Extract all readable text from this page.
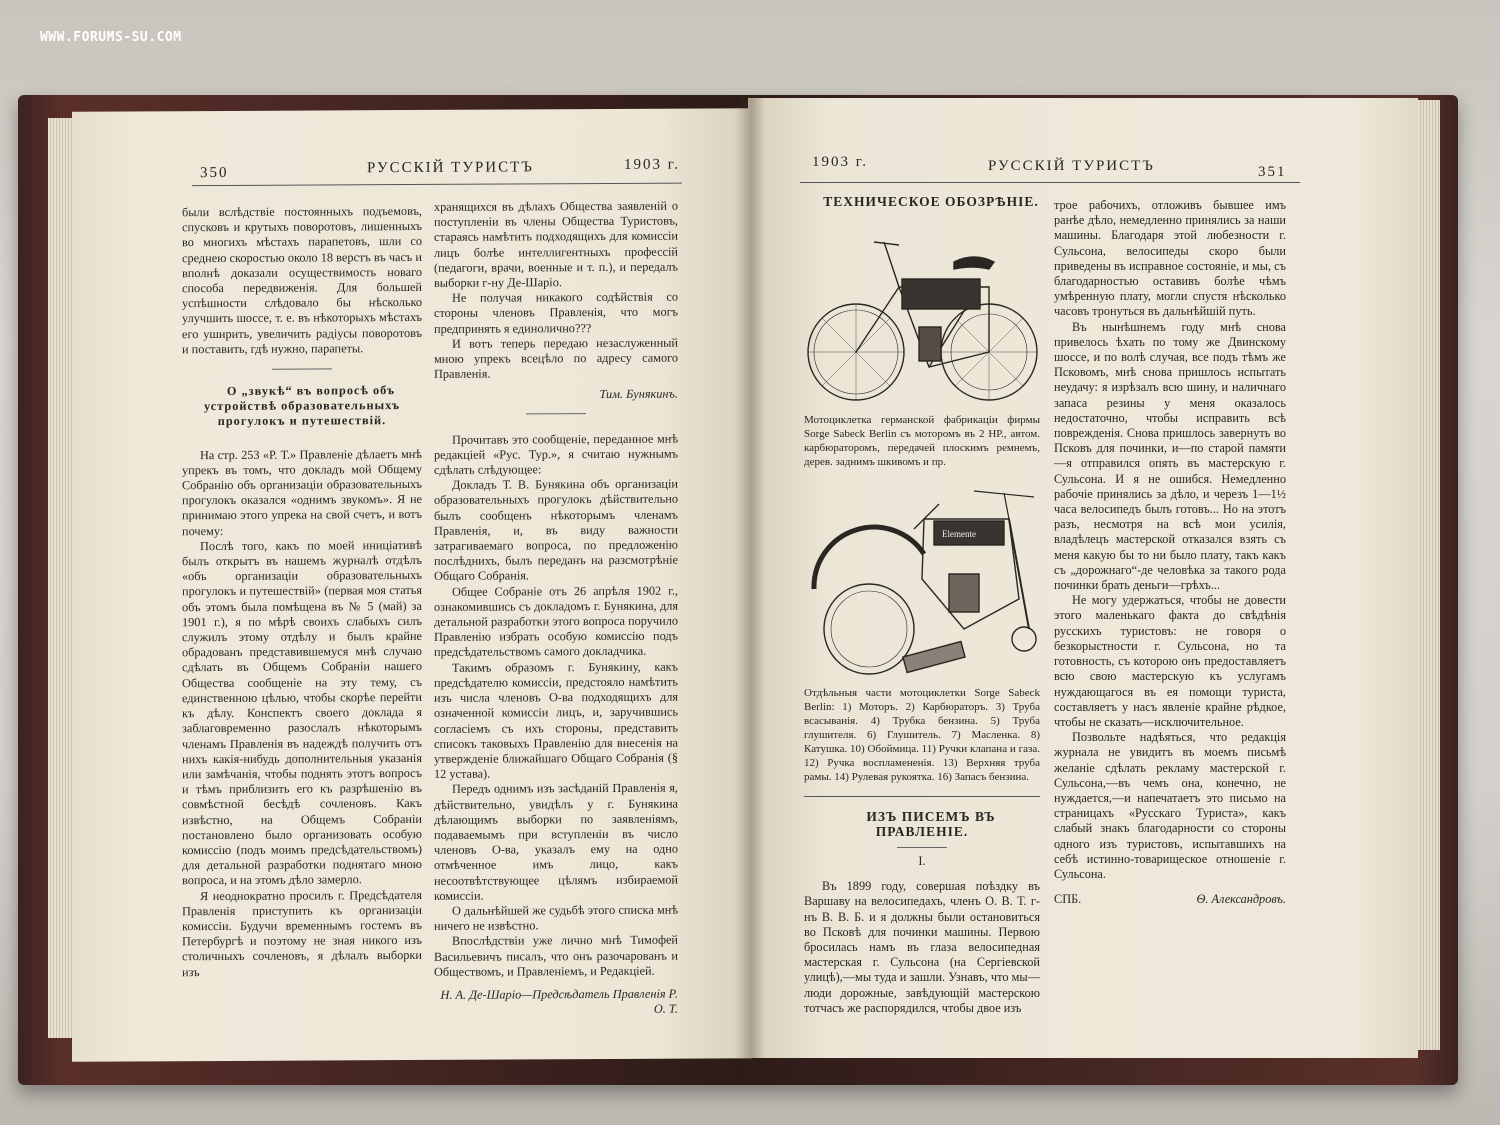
350	РУССКІЙ ТУРИСТЪ	1903 г.

были вслѣдствіе постоянныхъ подъемовъ, спусковъ и крутыхъ поворотовъ, лишенныхъ во многихъ мѣстахъ парапетовъ, шли со среднею скоростью около 18 верстъ въ часъ и вполнѣ доказали осуществимость новаго способа передвиженія. Для большей успѣшности слѣдовало бы нѣсколько улучшить шоссе, т. е. въ нѣкоторыхъ мѣстахъ его уширить, увеличить радіусы поворотовъ и поставить, гдѣ нужно, парапеты.

О „звукѣ“ въ вопросѣ объ устройствѣ образовательныхъ прогулокъ и путешествій.

На стр. 253 «Р. Т.» Правленіе дѣлаетъ мнѣ упрекъ въ томъ, что докладъ мой Общему Собранію объ организаціи образовательныхъ прогулокъ оказался «однимъ звукомъ». Я не принимаю этого упрека на свой счетъ, и вотъ почему:

Послѣ того, какъ по моей иниціативѣ былъ открытъ въ нашемъ журналѣ отдѣлъ «объ организаціи образовательныхъ прогулокъ и путешествій» (первая моя статья объ этомъ была помѣщена въ № 5 (май) за 1901 г.), я по мѣрѣ своихъ слабыхъ силъ служилъ этому отдѣлу и былъ крайне обрадованъ представившемуся мнѣ случаю сдѣлать въ Общемъ Собраніи нашего Общества сообщеніе на эту тему, съ единственною цѣлью, чтобы скорѣе перейти къ дѣлу. Конспектъ своего доклада я заблаговременно разослалъ нѣкоторымъ членамъ Правленія въ надеждѣ получить отъ нихъ какія-нибудь дополнительныя указанія или замѣчанія, чтобы поднять этотъ вопросъ и тѣмъ приблизить его къ разрѣшенію въ совмѣстной бесѣдѣ сочленовъ. Какъ извѣстно, на Общемъ Собраніи постановлено было организовать особую комиссію (подъ моимъ предсѣдательствомъ) для детальной разработки поднятаго мною вопроса, и на этомъ дѣло замерло.

Я неоднократно просилъ г. Предсѣдателя Правленія приступить къ организаціи комиссіи. Будучи временнымъ гостемъ въ Петербургѣ и поэтому не зная никого изъ столичныхъ сочленовъ, я дѣлалъ выборки изъ

хранящихся въ дѣлахъ Общества заявленій о поступленіи въ члены Общества Туристовъ, стараясь намѣтить подходящихъ для комиссіи лицъ болѣе интеллигентныхъ профессій (педагоги, врачи, военные и т. п.), и передалъ выборки г-ну Де-Шаріо.

Не получая никакого содѣйствія со стороны членовъ Правленія, что могъ предпринять я единолично???

И вотъ теперь передаю незаслуженный мною упрекъ всецѣло по адресу самого Правленія.

Тим. Бунякинъ.

Прочитавъ это сообщеніе, переданное мнѣ редакціей «Рус. Тур.», я считаю нужнымъ сдѣлать слѣдующее:

Докладъ Т. В. Бунякина объ организаціи образовательныхъ прогулокъ дѣйствительно былъ сообщенъ нѣкоторымъ членамъ Правленія, и, въ виду важности затрагиваемаго вопроса, по предложенію послѣднихъ, былъ переданъ на разсмотрѣніе Общаго Собранія.

Общее Собраніе отъ 26 апрѣля 1902 г., ознакомившись съ докладомъ г. Бунякина, для детальной разработки этого вопроса поручило Правленію избрать особую комиссію подъ предсѣдательствомъ самого докладчика.

Такимъ образомъ г. Бунякину, какъ предсѣдателю комиссіи, предстояло намѣтить изъ числа членовъ О-ва подходящихъ для означенной комиссіи лицъ, и, заручившись согласіемъ съ ихъ стороны, представить списокъ таковыхъ Правленію для внесенія на утвержденіе ближайшаго Общаго Собранія (§ 12 устава).

Передъ однимъ изъ засѣданій Правленія я, дѣйствительно, увидѣлъ у г. Бунякина дѣлающимъ выборки по заявленіямъ, подаваемымъ при вступленіи въ число членовъ О-ва, указалъ ему на одно отмѣченное имъ лицо, какъ несоотвѣтствующее цѣлямъ избираемой комиссіи.

О дальнѣйшей же судьбѣ этого списка мнѣ ничего не извѣстно.

Впослѣдствіи уже лично мнѣ Тимофей Васильевичъ писалъ, что онъ разочарованъ и Обществомъ, и Правленіемъ, и Редакціей.

Н. А. Де-Шаріо—Предсѣдатель Правленія Р. О. Т.

1903 г.	РУССКІЙ ТУРИСТЪ	351

ТЕХНИЧЕСКОЕ ОБОЗРѢНІЕ.

Мотоциклетка германской фабрикаціи фирмы Sorge Sabeck Berlin съ моторомъ въ 2 HP., автом. карбюраторомъ, передачей плоскимъ ремнемъ, дерев. заднимъ шкивомъ и пр.

Elemente

Отдѣльныя части мотоциклетки Sorge Sabeck Berlin: 1) Моторъ. 2) Карбюраторъ. 3) Труба всасыванія. 4) Трубка бензина. 5) Труба глушителя. 6) Глушитель. 7) Масленка. 8) Катушка. 10) Обоймица. 11) Ручки клапана и газа. 12) Ручка воспламененія. 13) Верхняя труба рамы. 14) Рулевая рукоятка. 16) Запасъ бензина.

ИЗЪ ПИСЕМЪ ВЪ ПРАВЛЕНІЕ.

I.

Въ 1899 году, совершая поѣздку въ Варшаву на велосипедахъ, членъ О. В. Т. г-нъ В. В. Б. и я должны были остановиться во Псковѣ для починки машины. Первою бросилась намъ въ глаза велосипедная мастерская г. Сульсона (на Сергіевской улицѣ),—мы туда и зашли. Узнавъ, что мы—люди дорожные, завѣдующій мастерскою тотчасъ же распорядился, чтобы двое изъ

трое рабочихъ, отложивъ бывшее имъ ранѣе дѣло, немедленно принялись за наши машины. Благодаря этой любезности г. Сульсона, велосипеды скоро были приведены въ исправное состояніе, и мы, съ благодарностью оставивъ болѣе чѣмъ умѣренную плату, могли спустя нѣсколько часовъ тронуться въ дальнѣйшій путь.

Въ нынѣшнемъ году мнѣ снова привелось ѣхать по тому же Двинскому шоссе, и по волѣ случая, все подъ тѣмъ же Псковомъ, мнѣ снова пришлось испытать неудачу: я изрѣзалъ всю шину, и наличнаго запаса резины у меня оказалось недостаточно, чтобы исправить всѣ поврежденія. Снова пришлось завернуть во Псковъ для починки, и—по старой памяти—я отправился опять въ мастерскую г. Сульсона. И я не ошибся. Немедленно рабочіе принялись за дѣло, и черезъ 1—1½ часа велосипедъ былъ готовъ... Но на этотъ разъ, несмотря на всѣ мои усилія, владѣлецъ мастерской отказался взять съ меня какую бы то ни было плату, такъ какъ съ „дорожнаго“-де человѣка за такого рода починки брать деньги—грѣхъ...

Не могу удержаться, чтобы не довести этого маленькаго факта до свѣдѣнія русскихъ туристовъ: не говоря о безкорыстности г. Сульсона, но та готовность, съ которою онъ предоставляетъ всю свою мастерскую къ услугамъ нуждающагося въ ея помощи туриста, составляетъ у насъ явленіе крайне рѣдкое, чтобы не сказать—исключительное.

Позвольте надѣяться, что редакція журнала не увидитъ въ моемъ письмѣ желаніе сдѣлать рекламу мастерской г. Сульсона,—въ чемъ она, конечно, не нуждается,—и напечатаетъ это письмо на страницахъ «Русскаго Туриста», какъ слабый знакъ благодарности со стороны одного изъ туристовъ, испытавшихъ на себѣ истинно-товарищеское отношеніе г. Сульсона.

СПБ.	Ѳ. Александровъ.
WWW.FORUMS-SU.COM
